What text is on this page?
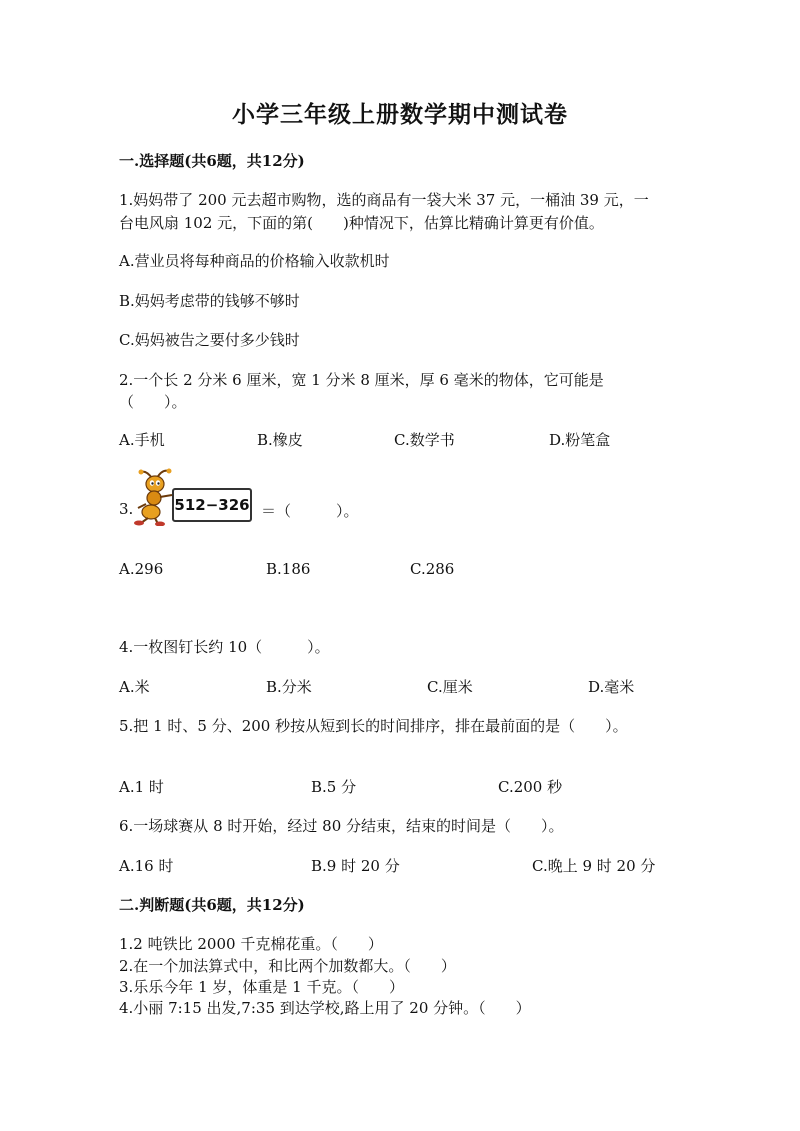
小学三年级上册数学期中测试卷
一.选择题(共6题，共12分)
1.妈妈带了 200 元去超市购物，选的商品有一袋大米 37 元，一桶油 39 元，一
台电风扇 102 元，下面的第(　　)种情况下，估算比精确计算更有价值。
A.营业员将每种商品的价格输入收款机时
B.妈妈考虑带的钱够不够时
C.妈妈被告之要付多少钱时
2.一个长 2 分米 6 厘米，宽 1 分米 8 厘米，厚 6 毫米的物体，它可能是
（　　）。
A.手机	B.橡皮	C.数学书	D.粉笔盒
3.	512−326 ＝（　　　）。
A.296	B.186	C.286
4.一枚图钉长约 10（　　　）。
A.米	B.分米	C.厘米	D.毫米
5.把 1 时、5 分、200 秒按从短到长的时间排序，排在最前面的是（　　）。
A.1 时	B.5 分	C.200 秒
6.一场球赛从 8 时开始，经过 80 分结束，结束的时间是（　　）。
A.16 时	B.9 时 20 分	C.晚上 9 时 20 分
二.判断题(共6题，共12分)
1.2 吨铁比 2000 千克棉花重。（　　）
2.在一个加法算式中，和比两个加数都大。（　　）
3.乐乐今年 1 岁，体重是 1 千克。（　　）
4.小丽 7:15 出发,7:35 到达学校,路上用了 20 分钟。（　　）
